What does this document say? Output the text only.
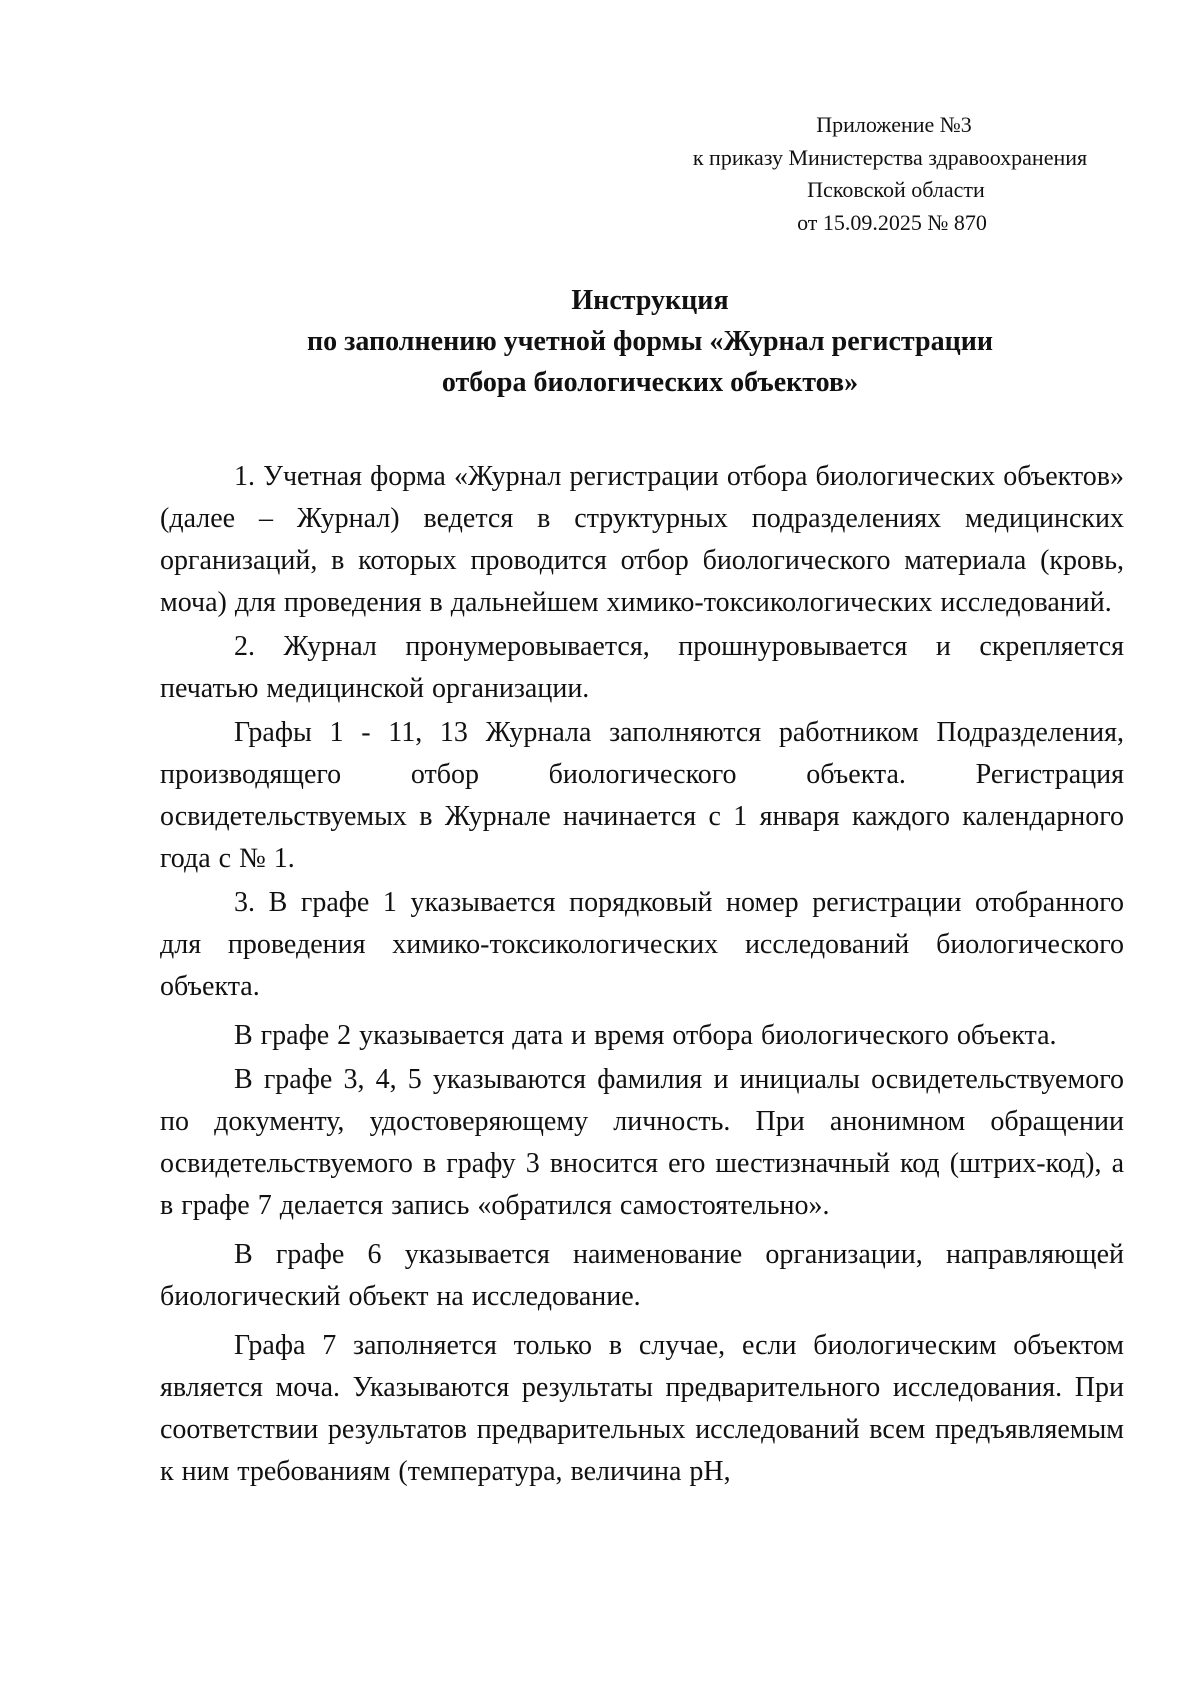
Приложение №3
к приказу Министерства здравоохранения
Псковской области
от 15.09.2025 № 870
Инструкция
по заполнению учетной формы «Журнал регистрации
отбора биологических объектов»

1. Учетная форма «Журнал регистрации отбора биологических объектов» (далее – Журнал) ведется в структурных подразделениях медицинских организаций, в которых проводится отбор биологического материала (кровь, моча) для проведения в дальнейшем химико-токсикологических исследований.

2. Журнал пронумеровывается, прошнуровывается и скрепляется печатью медицинской организации.

Графы 1 - 11, 13 Журнала заполняются работником Подразделения, производящего отбор биологического объекта. Регистрация освидетельствуемых в Журнале начинается с 1 января каждого календарного года с № 1.

3. В графе 1 указывается порядковый номер регистрации отобранного для проведения химико-токсикологических исследований биологического объекта.

В графе 2 указывается дата и время отбора биологического объекта.

В графе 3, 4, 5 указываются фамилия и инициалы освидетельствуемого по документу, удостоверяющему личность. При анонимном обращении освидетельствуемого в графу 3 вносится его шестизначный код (штрих-код), а в графе 7 делается запись «обратился самостоятельно».

В графе 6 указывается наименование организации, направляющей биологический объект на исследование.

Графа 7 заполняется только в случае, если биологическим объектом является моча. Указываются результаты предварительного исследования. При соответствии результатов предварительных исследований всем предъявляемым к ним требованиям (температура, величина pH,
